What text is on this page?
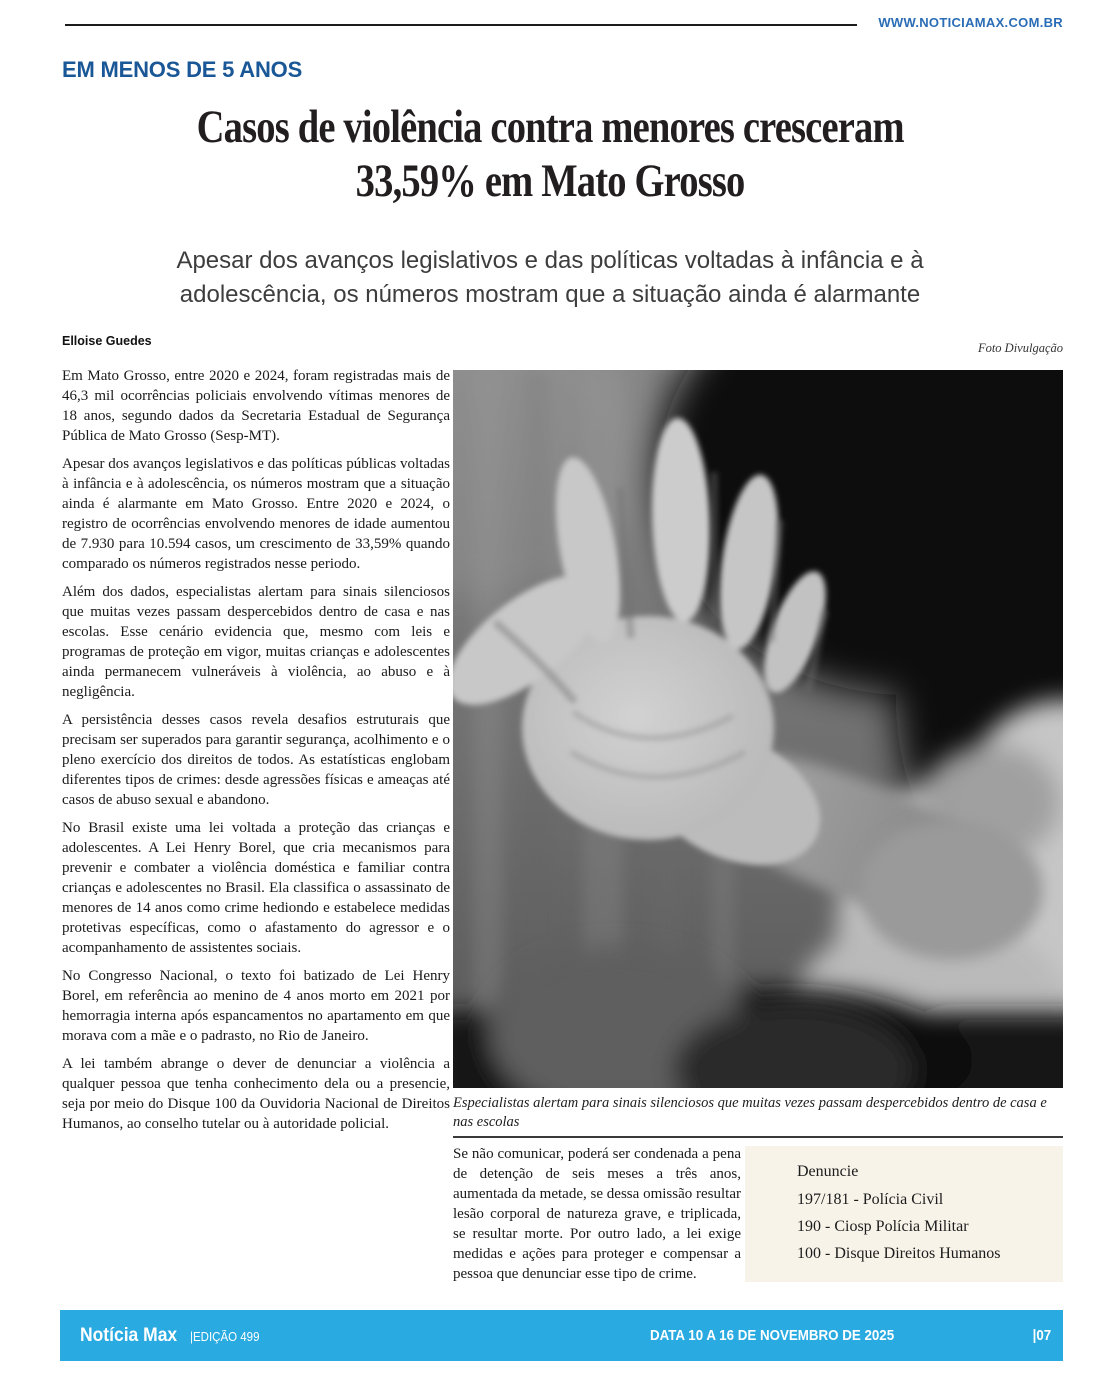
WWW.NOTICIAMAX.COM.BR
EM MENOS DE 5 ANOS
Casos de violência contra menores cresceram
33,59% em Mato Grosso
Apesar dos avanços legislativos e das políticas voltadas à infância e à adolescência, os números mostram que a situação ainda é alarmante
Elloise Guedes	Foto Divulgação

Em Mato Grosso, entre 2020 e 2024, foram registradas mais de 46,3 mil ocorrências policiais envolvendo vítimas menores de 18 anos, segundo dados da Secretaria Estadual de Segurança Pública de Mato Grosso (Sesp-MT).

Apesar dos avanços legislativos e das políticas públicas voltadas à infância e à adolescência, os números mostram que a situação ainda é alarmante em Mato Grosso. Entre 2020 e 2024, o registro de ocorrências envolvendo menores de idade aumentou de 7.930 para 10.594 casos, um crescimento de 33,59% quando comparado os números registrados nesse periodo.

Além dos dados, especialistas alertam para sinais silenciosos que muitas vezes passam despercebidos dentro de casa e nas escolas. Esse cenário evidencia que, mesmo com leis e programas de proteção em vigor, muitas crianças e adolescentes ainda permanecem vulneráveis à violência, ao abuso e à negligência.

A persistência desses casos revela desafios estruturais que precisam ser superados para garantir segurança, acolhimento e o pleno exercício dos direitos de todos. As estatísticas englobam diferentes tipos de crimes: desde agressões físicas e ameaças até casos de abuso sexual e abandono.

No Brasil existe uma lei voltada a proteção das crianças e adolescentes. A Lei Henry Borel, que cria mecanismos para prevenir e combater a violência doméstica e familiar contra crianças e adolescentes no Brasil. Ela classifica o assassinato de menores de 14 anos como crime hediondo e estabelece medidas protetivas específicas, como o afastamento do agressor e o acompanhamento de assistentes sociais.

No Congresso Nacional, o texto foi batizado de Lei Henry Borel, em referência ao menino de 4 anos morto em 2021 por hemorragia interna após espancamentos no apartamento em que morava com a mãe e o padrasto, no Rio de Janeiro.

A lei também abrange o dever de denunciar a violência a qualquer pessoa que tenha conhecimento dela ou a presencie, seja por meio do Disque 100 da Ouvidoria Nacional de Direitos Humanos, ao conselho tutelar ou à autoridade policial.

Especialistas alertam para sinais silenciosos que muitas vezes passam despercebidos dentro de casa e nas escolas
Se não comunicar, poderá ser condenada a pena de detenção de seis meses a três anos, aumentada da metade, se dessa omissão resultar lesão corporal de natureza grave, e triplicada, se resultar morte. Por outro lado, a lei exige medidas e ações para proteger e compensar a pessoa que denunciar esse tipo de crime.
Denuncie
197/181 - Polícia Civil
190 - Ciosp Polícia Militar
100 - Disque Direitos Humanos
Notícia Max |EDIÇÃO 499	DATA 10 A 16 DE NOVEMBRO DE 2025	|07
